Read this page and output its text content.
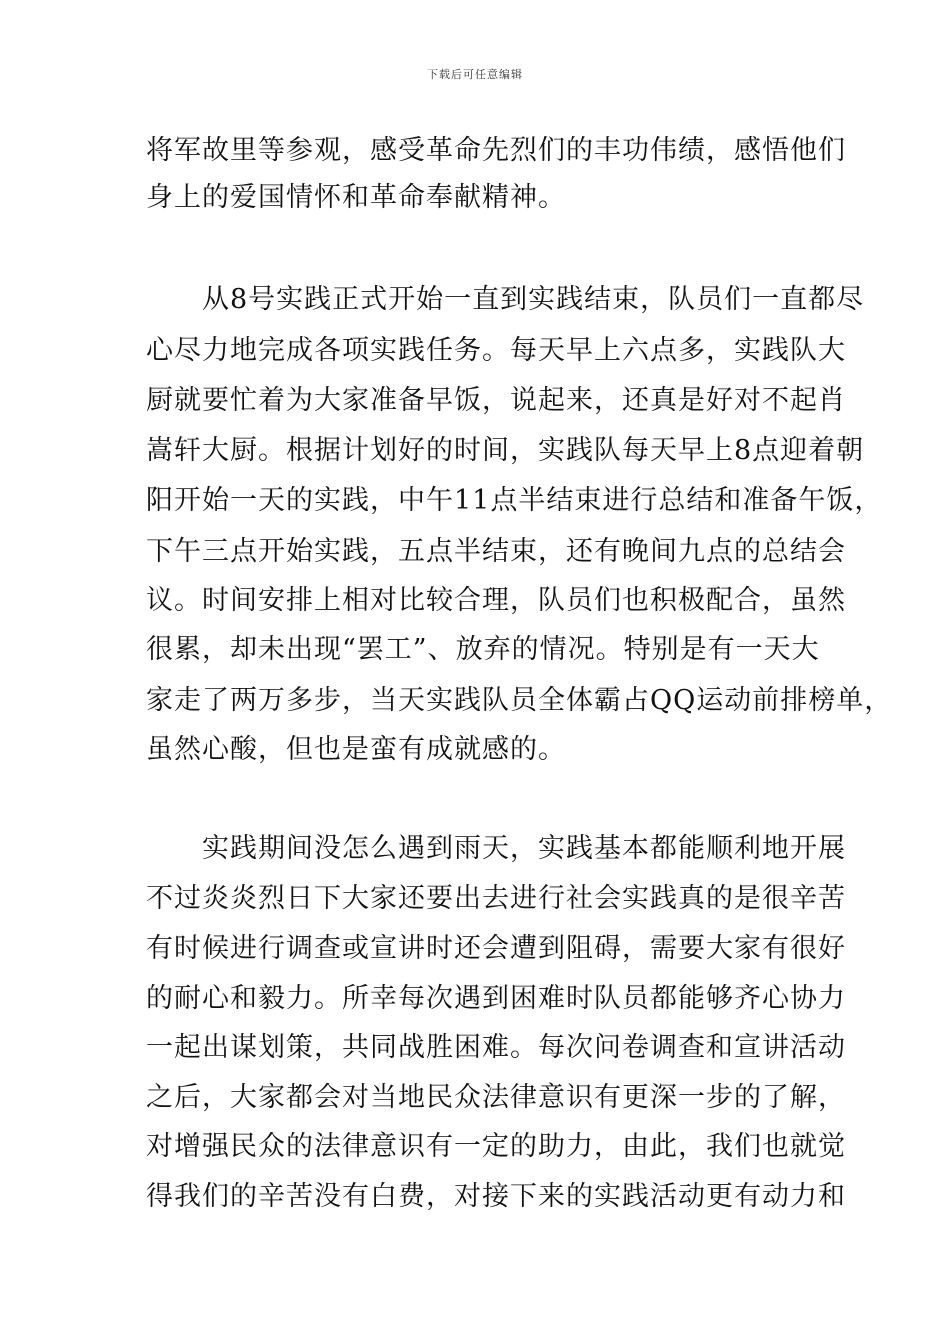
下载后可任意编辑
将军故里等参观，感受革命先烈们的丰功伟绩，感悟他们
身上的爱国情怀和革命奉献精神。
　　从8号实践正式开始一直到实践结束，队员们一直都尽
心尽力地完成各项实践任务。每天早上六点多，实践队大
厨就要忙着为大家准备早饭，说起来，还真是好对不起肖
嵩轩大厨。根据计划好的时间，实践队每天早上8点迎着朝
阳开始一天的实践，中午11点半结束进行总结和准备午饭，
下午三点开始实践，五点半结束，还有晚间九点的总结会
议。时间安排上相对比较合理，队员们也积极配合，虽然
很累，却未出现“罢工”、放弃的情况。特别是有一天大
家走了两万多步，当天实践队员全体霸占QQ运动前排榜单，
虽然心酸，但也是蛮有成就感的。
　　实践期间没怎么遇到雨天，实践基本都能顺利地开展
不过炎炎烈日下大家还要出去进行社会实践真的是很辛苦
有时候进行调查或宣讲时还会遭到阻碍，需要大家有很好
的耐心和毅力。所幸每次遇到困难时队员都能够齐心协力
一起出谋划策，共同战胜困难。每次问卷调查和宣讲活动
之后，大家都会对当地民众法律意识有更深一步的了解，
对增强民众的法律意识有一定的助力，由此，我们也就觉
得我们的辛苦没有白费，对接下来的实践活动更有动力和
